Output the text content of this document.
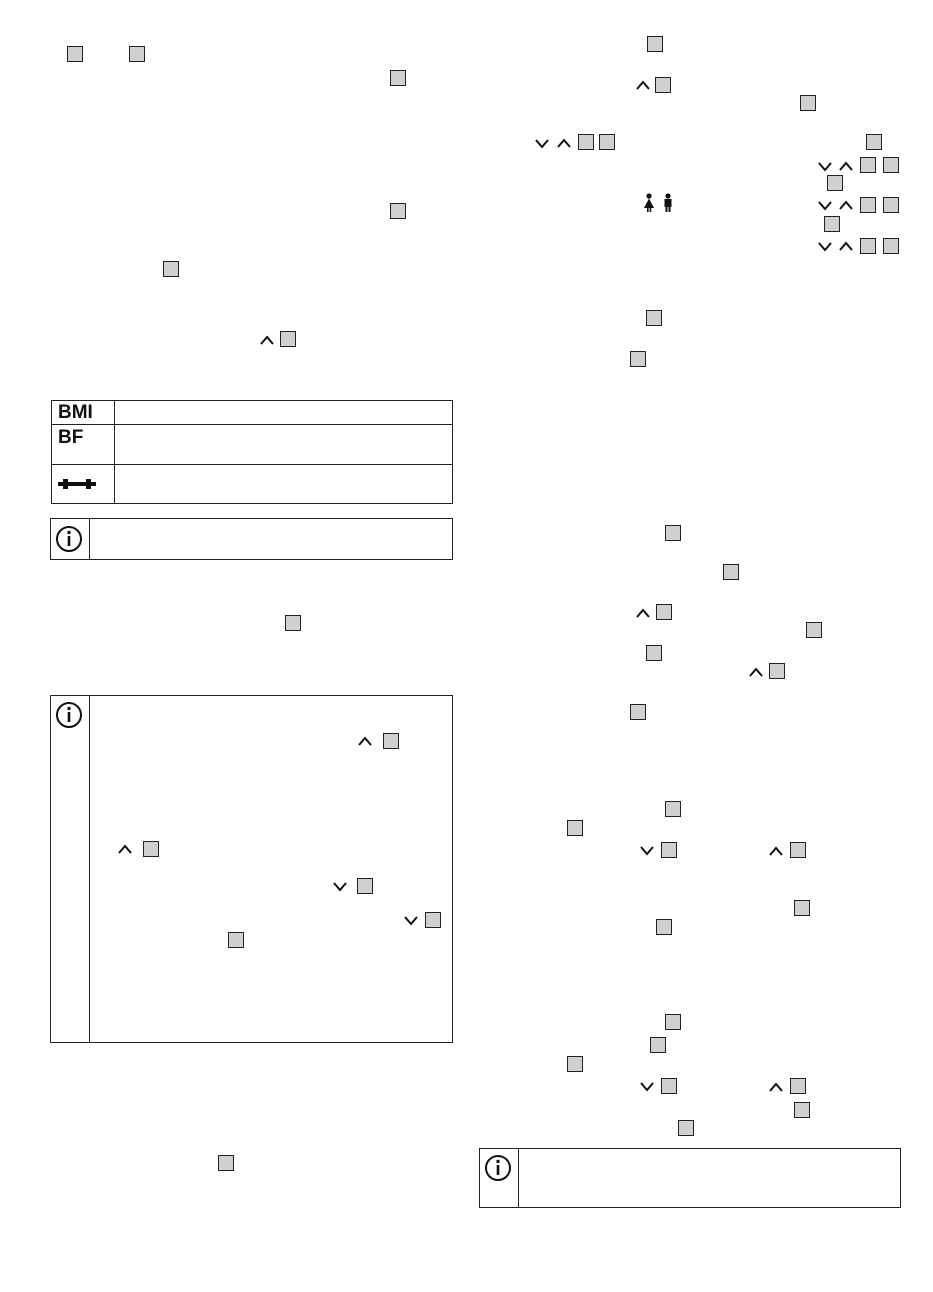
BMI	
BF	
